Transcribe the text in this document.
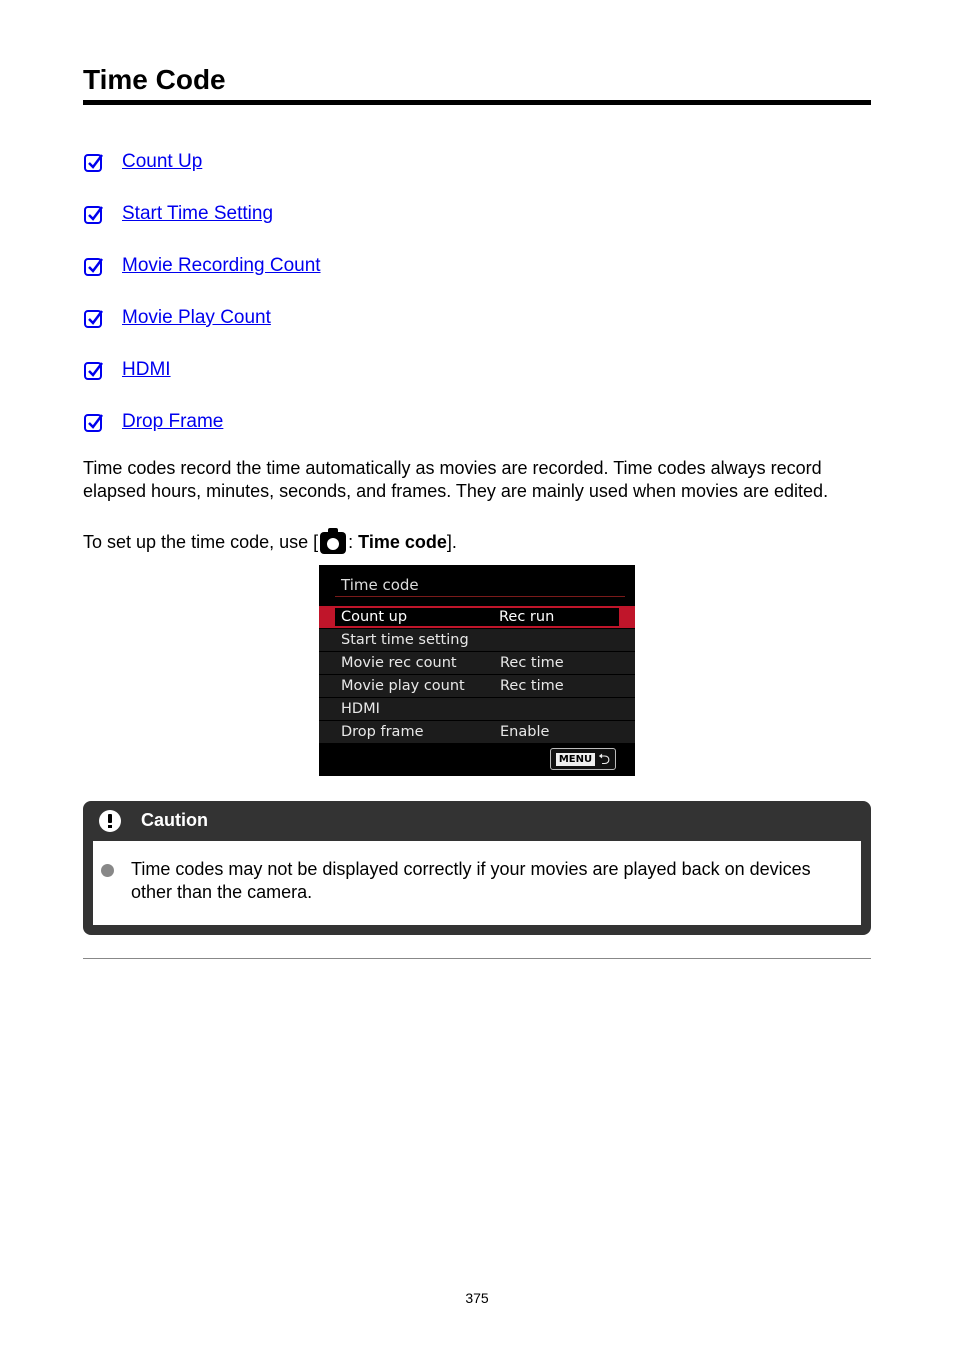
Time Code
Count Up
Start Time Setting
Movie Recording Count
Movie Play Count
HDMI
Drop Frame
Time codes record the time automatically as movies are recorded. Time codes always record elapsed hours, minutes, seconds, and frames. They are mainly used when movies are edited.
To set up the time code, use [ : Time code ].
Time code
Count up	Rec run
Start time setting
Movie rec count	Rec time
Movie play count Rec time
HDMI
Drop frame	Enable
MENU ⮌
Caution
Time codes may not be displayed correctly if your movies are played back on devices other than the camera.
375
